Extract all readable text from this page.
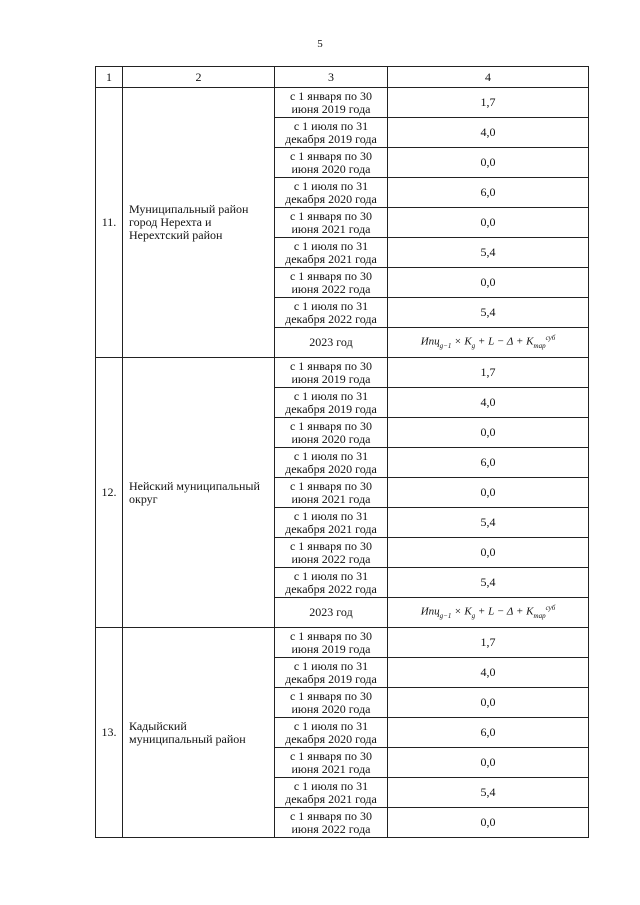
5
1	2	3	4
11.	Муниципальный район город Нерехта и Нерехтский район	с 1 января по 30 июня 2019 года	1,7
		с 1 июля по 31 декабря 2019 года	4,0
		с 1 января по 30 июня 2020 года	0,0
		с 1 июля по 31 декабря 2020 года	6,0
		с 1 января по 30 июня 2021 года	0,0
		с 1 июля по 31 декабря 2021 года	5,4
		с 1 января по 30 июня 2022 года	0,0
		с 1 июля по 31 декабря 2022 года	5,4
		2023 год	$Ипц_{g-1} \times K_g + L - \Delta + K_{тар}^{суб}$
12.	Нейский муниципальный округ	с 1 января по 30 июня 2019 года	1,7
		с 1 июля по 31 декабря 2019 года	4,0
		с 1 января по 30 июня 2020 года	0,0
		с 1 июля по 31 декабря 2020 года	6,0
		с 1 января по 30 июня 2021 года	0,0
		с 1 июля по 31 декабря 2021 года	5,4
		с 1 января по 30 июня 2022 года	0,0
		с 1 июля по 31 декабря 2022 года	5,4
		2023 год	$Ипц_{g-1} \times K_g + L - \Delta + K_{тар}^{суб}$
13.	Кадыйский муниципальный район	с 1 января по 30 июня 2019 года	1,7
		с 1 июля по 31 декабря 2019 года	4,0
		с 1 января по 30 июня 2020 года	0,0
		с 1 июля по 31 декабря 2020 года	6,0
		с 1 января по 30 июня 2021 года	0,0
		с 1 июля по 31 декабря 2021 года	5,4
		с 1 января по 30 июня 2022 года	0,0
